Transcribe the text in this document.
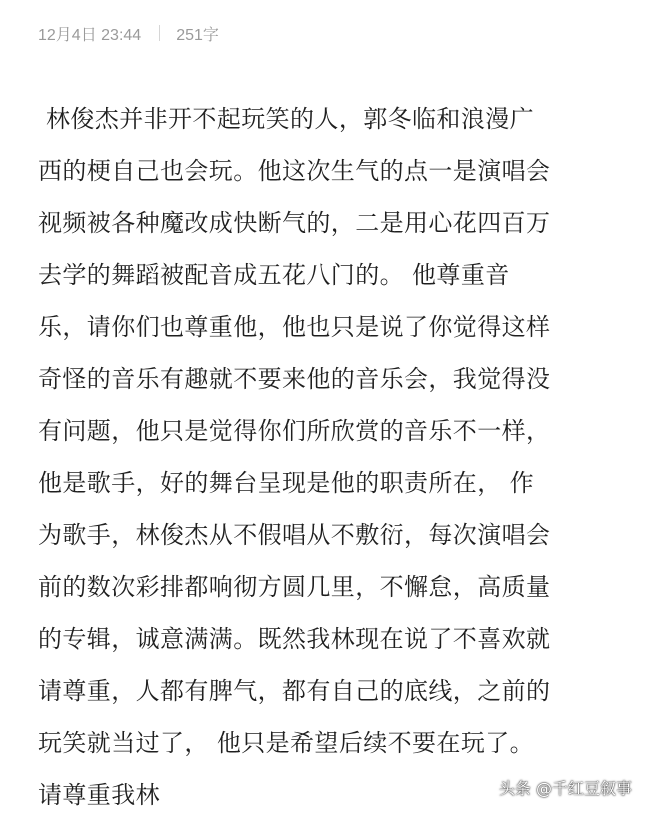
12月4日 23:44 251字
林俊杰并非开不起玩笑的人，郭冬临和浪漫广
西的梗自己也会玩。他这次生气的点一是演唱会
视频被各种魔改成快断气的，二是用心花四百万
去学的舞蹈被配音成五花八门的。 他尊重音
乐，请你们也尊重他，他也只是说了你觉得这样
奇怪的音乐有趣就不要来他的音乐会，我觉得没
有问题，他只是觉得你们所欣赏的音乐不一样，
他是歌手，好的舞台呈现是他的职责所在， 作
为歌手，林俊杰从不假唱从不敷衍，每次演唱会
前的数次彩排都响彻方圆几里，不懈怠，高质量
的专辑，诚意满满。既然我林现在说了不喜欢就
请尊重，人都有脾气，都有自己的底线，之前的
玩笑就当过了， 他只是希望后续不要在玩了。
请尊重我林	头条 @千红豆叙事
